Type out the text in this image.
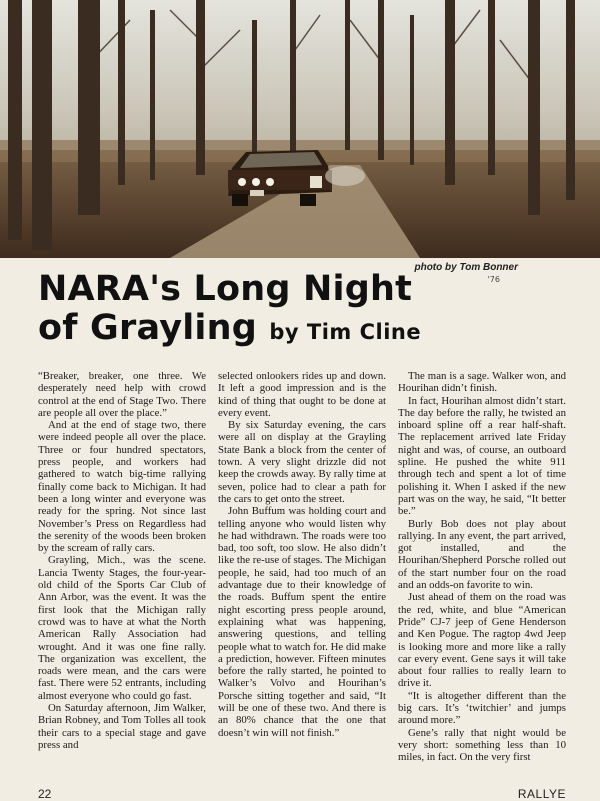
photo by Tom Bonner
'76
NARA's Long Night
of Grayling by Tim Cline

“Breaker, breaker, one three. We desperately need help with crowd control at the end of Stage Two. There are people all over the place.”

And at the end of stage two, there were indeed people all over the place. Three or four hundred spectators, press people, and workers had gathered to watch big-time rallying finally come back to Michigan. It had been a long winter and everyone was ready for the spring. Not since last November’s Press on Regardless had the serenity of the woods been broken by the scream of rally cars.

Grayling, Mich., was the scene. Lancia Twenty Stages, the four-year-old child of the Sports Car Club of Ann Arbor, was the event. It was the first look that the Michigan rally crowd was to have at what the North American Rally Association had wrought. And it was one fine rally. The organization was excellent, the roads were mean, and the cars were fast. There were 52 entrants, including almost everyone who could go fast.

On Saturday afternoon, Jim Walker, Brian Robney, and Tom Tolles all took their cars to a special stage and gave press and

selected onlookers rides up and down. It left a good impression and is the kind of thing that ought to be done at every event.

By six Saturday evening, the cars were all on display at the Grayling State Bank a block from the center of town. A very slight drizzle did not keep the crowds away. By rally time at seven, police had to clear a path for the cars to get onto the street.

John Buffum was holding court and telling anyone who would listen why he had withdrawn. The roads were too bad, too soft, too slow. He also didn’t like the re-use of stages. The Michigan people, he said, had too much of an advantage due to their knowledge of the roads. Buffum spent the entire night escorting press people around, explaining what was happening, answering questions, and telling people what to watch for. He did make a prediction, however. Fifteen minutes before the rally started, he pointed to Walker’s Volvo and Hourihan’s Porsche sitting together and said, “It will be one of these two. And there is an 80% chance that the one that doesn’t win will not finish.”

The man is a sage. Walker won, and Hourihan didn’t finish.

In fact, Hourihan almost didn’t start. The day before the rally, he twisted an inboard spline off a rear half-shaft. The replacement arrived late Friday night and was, of course, an outboard spline. He pushed the white 911 through tech and spent a lot of time polishing it. When I asked if the new part was on the way, he said, “It better be.”

Burly Bob does not play about rallying. In any event, the part arrived, got installed, and the Hourihan/Shepherd Porsche rolled out of the start number four on the road and an odds-on favorite to win.

Just ahead of them on the road was the red, white, and blue “American Pride” CJ-7 jeep of Gene Henderson and Ken Pogue. The ragtop 4wd Jeep is looking more and more like a rally car every event. Gene says it will take about four rallies to really learn to drive it.

“It is altogether different than the big cars. It’s ‘twitchier’ and jumps around more.”

Gene’s rally that night would be very short: something less than 10 miles, in fact. On the very first

22	RALLYE
